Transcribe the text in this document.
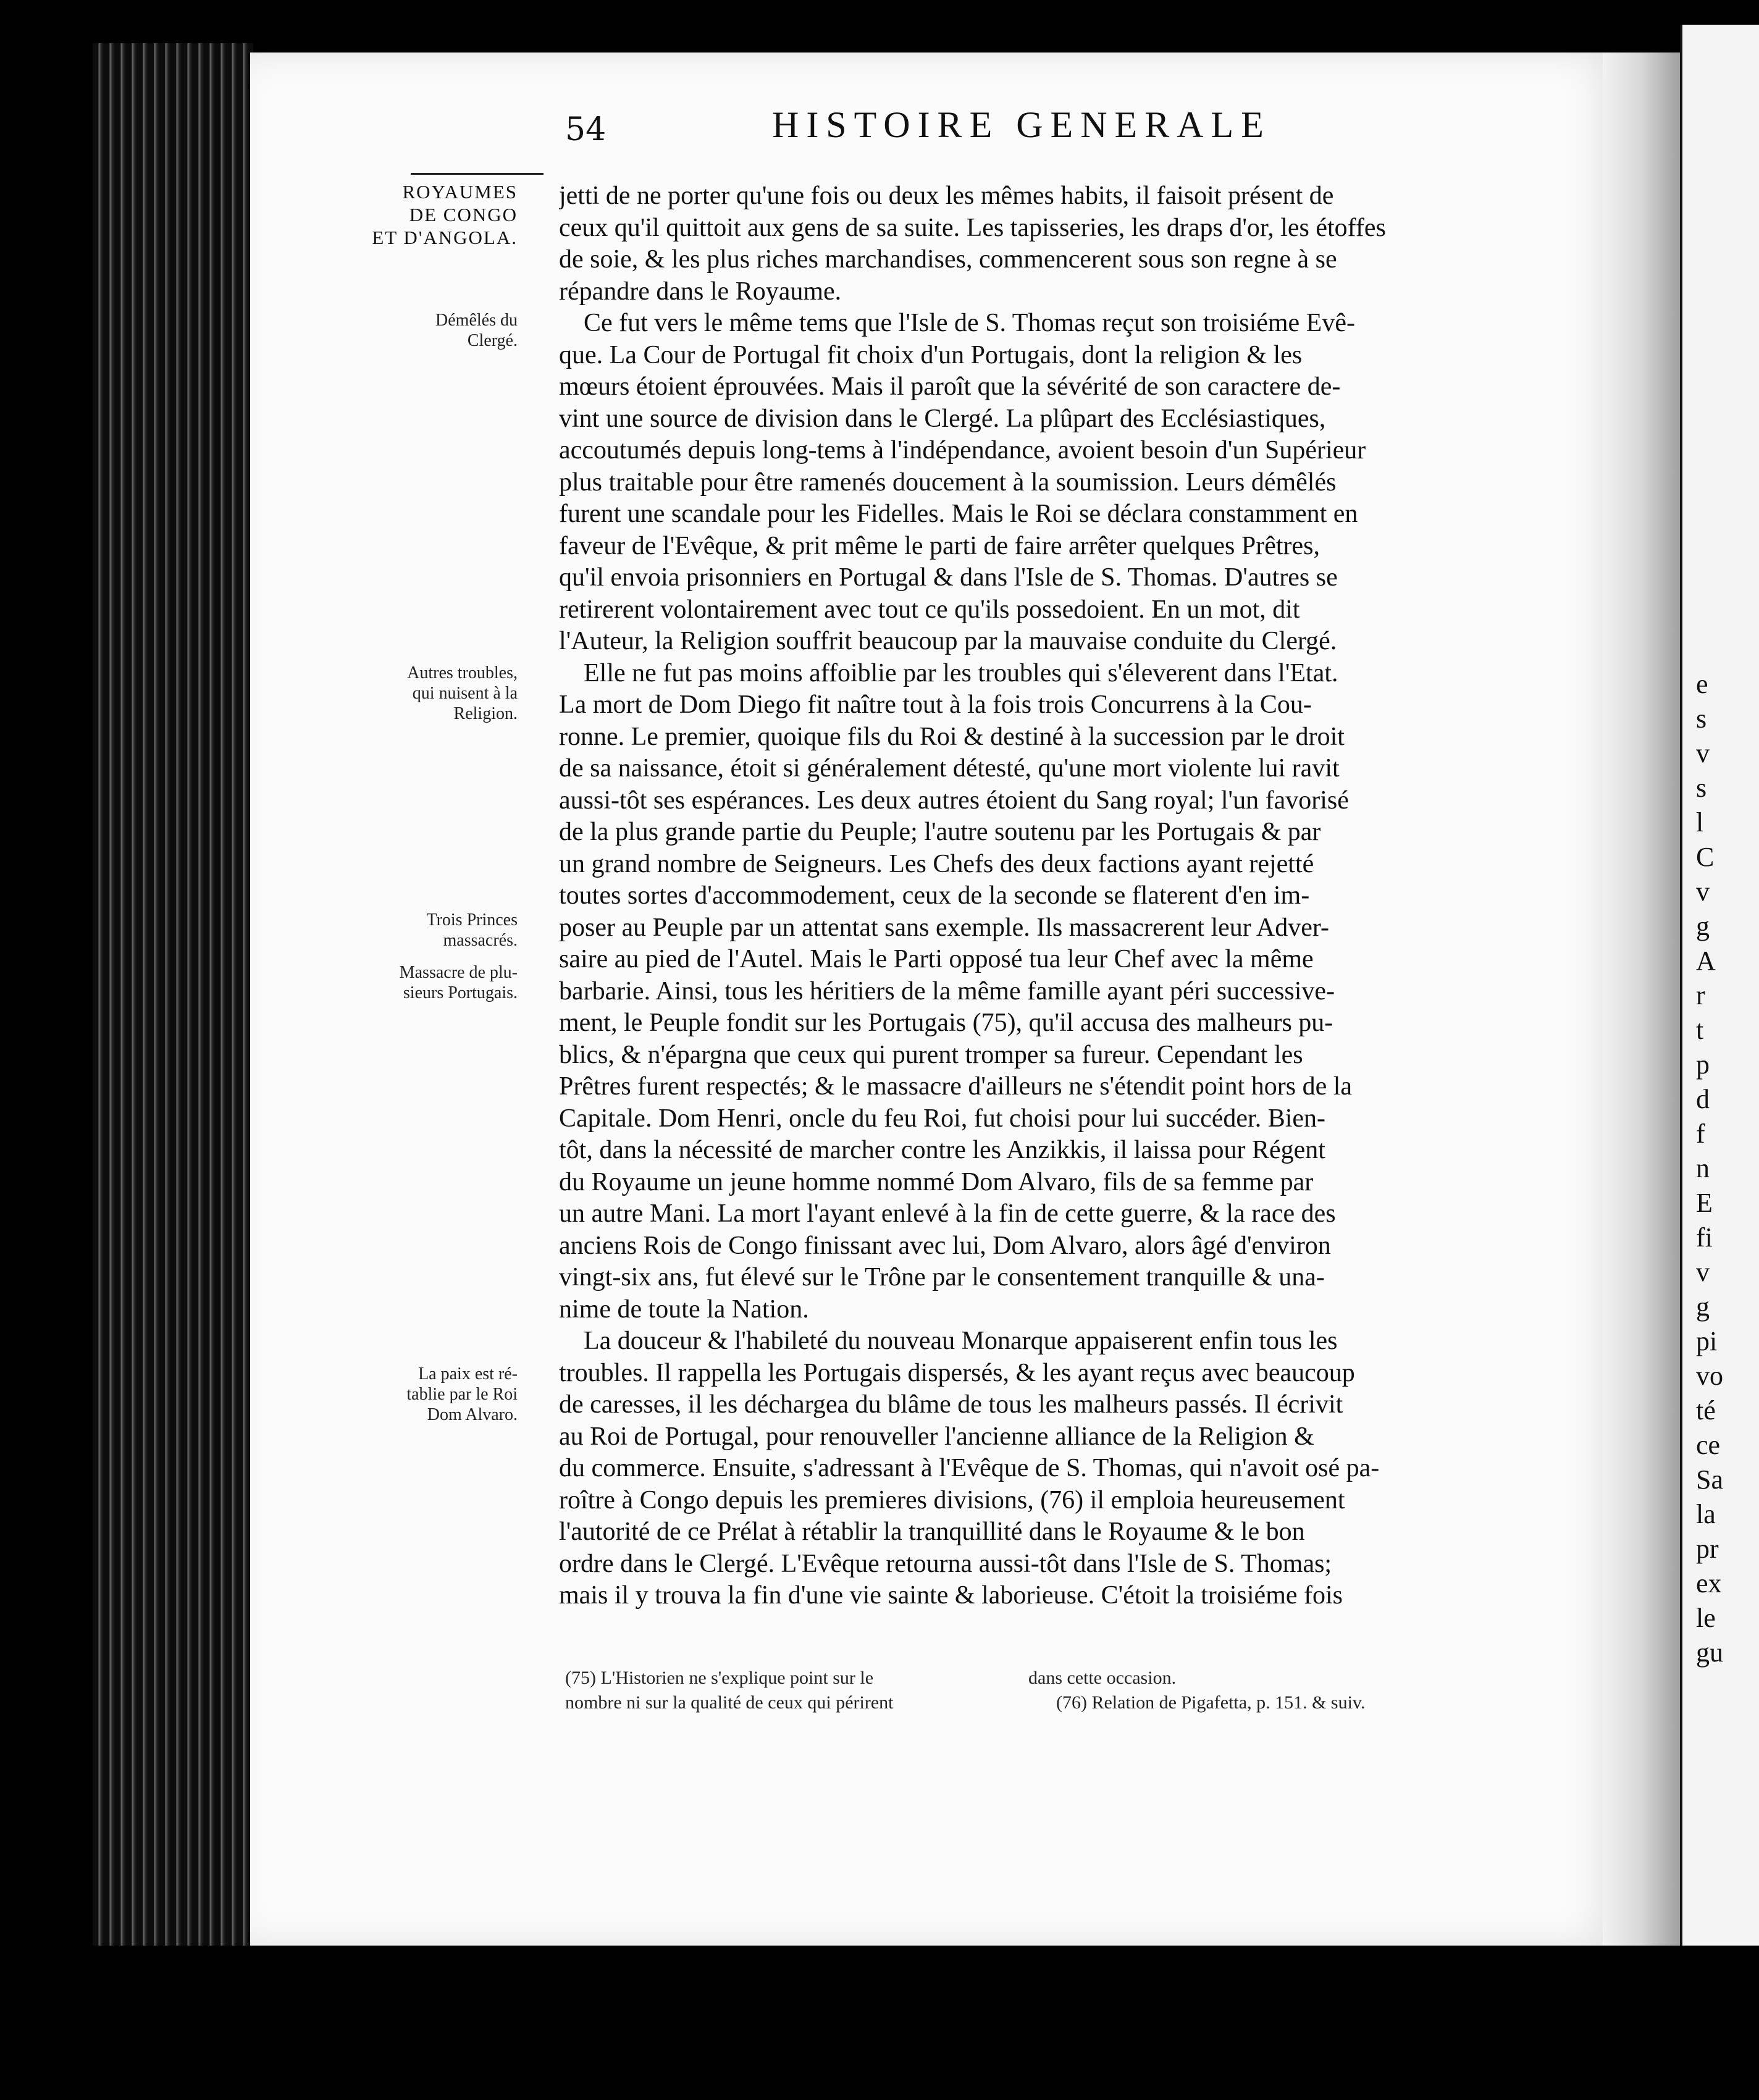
e
s
v
s
l
C
v
g
A
r
t
p
d
f
n
E
fi
v
g
pi
vo
té
ce
Sa
la
pr
ex
le
gu
54	HISTOIRE GENERALE
ROYAUMES
DE CONGO
ET D'ANGOLA.
Démêlés du
Clergé.
Autres troubles,
qui nuisent à la
Religion.
Trois Princes
massacrés.
Massacre de plu-
sieurs Portugais.
La paix est ré-
tablie par le Roi
Dom Alvaro.
jetti de ne porter qu'une fois ou deux les mêmes habits, il faisoit présent de
ceux qu'il quittoit aux gens de sa suite. Les tapisseries, les draps d'or, les étoffes
de soie, & les plus riches marchandises, commencerent sous son regne à se
répandre dans le Royaume.
Ce fut vers le même tems que l'Isle de S. Thomas reçut son troisiéme Evê-
que. La Cour de Portugal fit choix d'un Portugais, dont la religion & les
mœurs étoient éprouvées. Mais il paroît que la sévérité de son caractere de-
vint une source de division dans le Clergé. La plûpart des Ecclésiastiques,
accoutumés depuis long-tems à l'indépendance, avoient besoin d'un Supérieur
plus traitable pour être ramenés doucement à la soumission. Leurs démêlés
furent une scandale pour les Fidelles. Mais le Roi se déclara constamment en
faveur de l'Evêque, & prit même le parti de faire arrêter quelques Prêtres,
qu'il envoia prisonniers en Portugal & dans l'Isle de S. Thomas. D'autres se
retirerent volontairement avec tout ce qu'ils possedoient. En un mot, dit
l'Auteur, la Religion souffrit beaucoup par la mauvaise conduite du Clergé.
Elle ne fut pas moins affoiblie par les troubles qui s'éleverent dans l'Etat.
La mort de Dom Diego fit naître tout à la fois trois Concurrens à la Cou-
ronne. Le premier, quoique fils du Roi & destiné à la succession par le droit
de sa naissance, étoit si généralement détesté, qu'une mort violente lui ravit
aussi-tôt ses espérances. Les deux autres étoient du Sang royal; l'un favorisé
de la plus grande partie du Peuple; l'autre soutenu par les Portugais & par
un grand nombre de Seigneurs. Les Chefs des deux factions ayant rejetté
toutes sortes d'accommodement, ceux de la seconde se flaterent d'en im-
poser au Peuple par un attentat sans exemple. Ils massacrerent leur Adver-
saire au pied de l'Autel. Mais le Parti opposé tua leur Chef avec la même
barbarie. Ainsi, tous les héritiers de la même famille ayant péri successive-
ment, le Peuple fondit sur les Portugais (75), qu'il accusa des malheurs pu-
blics, & n'épargna que ceux qui purent tromper sa fureur. Cependant les
Prêtres furent respectés; & le massacre d'ailleurs ne s'étendit point hors de la
Capitale. Dom Henri, oncle du feu Roi, fut choisi pour lui succéder. Bien-
tôt, dans la nécessité de marcher contre les Anzikkis, il laissa pour Régent
du Royaume un jeune homme nommé Dom Alvaro, fils de sa femme par
un autre Mani. La mort l'ayant enlevé à la fin de cette guerre, & la race des
anciens Rois de Congo finissant avec lui, Dom Alvaro, alors âgé d'environ
vingt-six ans, fut élevé sur le Trône par le consentement tranquille & una-
nime de toute la Nation.
La douceur & l'habileté du nouveau Monarque appaiserent enfin tous les
troubles. Il rappella les Portugais dispersés, & les ayant reçus avec beaucoup
de caresses, il les déchargea du blâme de tous les malheurs passés. Il écrivit
au Roi de Portugal, pour renouveller l'ancienne alliance de la Religion &
du commerce. Ensuite, s'adressant à l'Evêque de S. Thomas, qui n'avoit osé pa-
roître à Congo depuis les premieres divisions, (76) il emploia heureusement
l'autorité de ce Prélat à rétablir la tranquillité dans le Royaume & le bon
ordre dans le Clergé. L'Evêque retourna aussi-tôt dans l'Isle de S. Thomas;
mais il y trouva la fin d'une vie sainte & laborieuse. C'étoit la troisiéme fois
(75) L'Historien ne s'explique point sur le
nombre ni sur la qualité de ceux qui périrent
dans cette occasion.
(76) Relation de Pigafetta, p. 151. & suiv.
